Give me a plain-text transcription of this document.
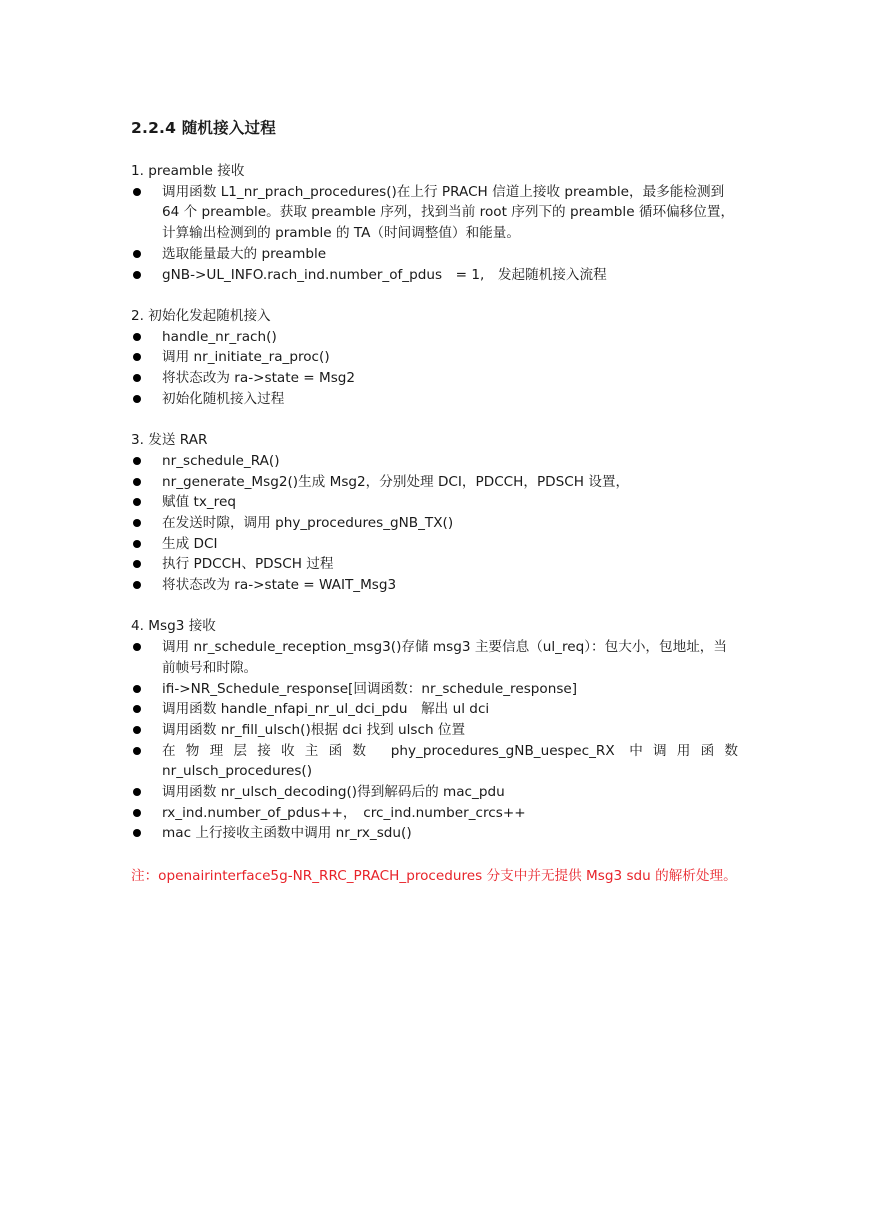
2.2.4 随机接入过程
1. preamble 接收
调用函数 L1_nr_prach_procedures()在上行 PRACH 信道上接收 preamble，最多能检测到 64 个 preamble。获取 preamble 序列，找到当前 root 序列下的 preamble 循环偏移位置，计算输出检测到的 pramble 的 TA（时间调整值）和能量。
选取能量最大的 preamble
gNB->UL_INFO.rach_ind.number_of_pdus　= 1,　发起随机接入流程
2. 初始化发起随机接入
handle_nr_rach()
调用 nr_initiate_ra_proc()
将状态改为 ra->state = Msg2
初始化随机接入过程
3. 发送 RAR
nr_schedule_RA()
nr_generate_Msg2()生成 Msg2，分别处理 DCI，PDCCH，PDSCH 设置，
赋值 tx_req
在发送时隙，调用 phy_procedures_gNB_TX()
生成 DCI
执行 PDCCH、PDSCH 过程
将状态改为 ra->state = WAIT_Msg3
4. Msg3 接收
调用 nr_schedule_reception_msg3()存储 msg3 主要信息（ul_req）：包大小，包地址，当前帧号和时隙。
ifi->NR_Schedule_response[回调函数：nr_schedule_response]
调用函数 handle_nfapi_nr_ul_dci_pdu　解出 ul dci
调用函数 nr_fill_ulsch()根据 dci 找到 ulsch 位置
在物理层接收主函数 phy_procedures_gNB_uespec_RX 中调用函数 nr_ulsch_procedures()
调用函数 nr_ulsch_decoding()得到解码后的 mac_pdu
rx_ind.number_of_pdus++，　crc_ind.number_crcs++
mac 上行接收主函数中调用 nr_rx_sdu()
注：openairinterface5g-NR_RRC_PRACH_procedures 分支中并无提供 Msg3 sdu 的解析处理。
